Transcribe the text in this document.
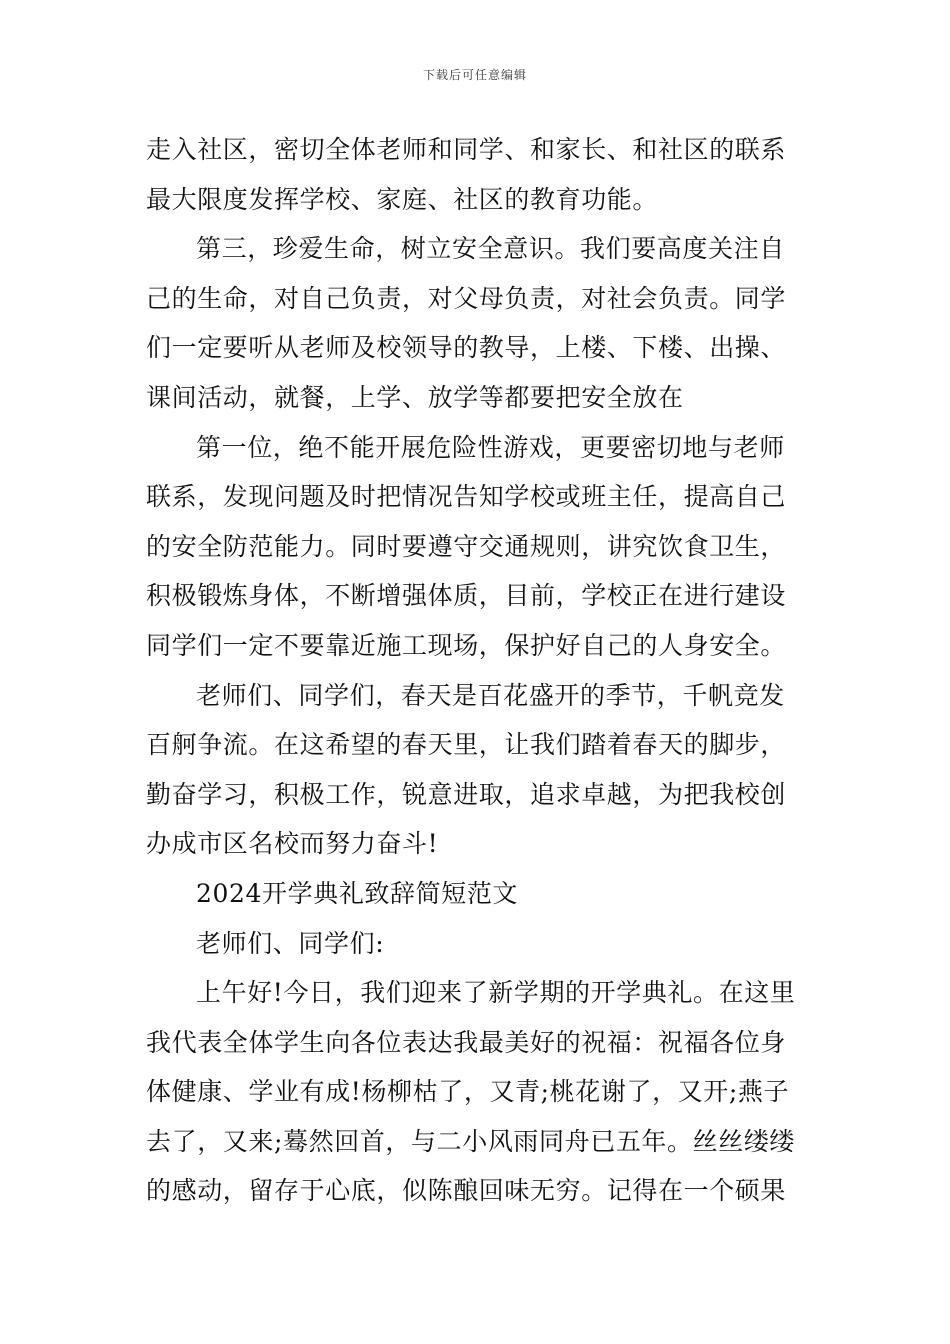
下载后可任意编辑
走入社区，密切全体老师和同学、和家长、和社区的联系
最大限度发挥学校、家庭、社区的教育功能。
第三，珍爱生命，树立安全意识。我们要高度关注自
己的生命，对自己负责，对父母负责，对社会负责。同学
们一定要听从老师及校领导的教导，上楼、下楼、出操、
课间活动，就餐，上学、放学等都要把安全放在
第一位，绝不能开展危险性游戏，更要密切地与老师
联系，发现问题及时把情况告知学校或班主任，提高自己
的安全防范能力。同时要遵守交通规则，讲究饮食卫生，
积极锻炼身体，不断增强体质，目前，学校正在进行建设
同学们一定不要靠近施工现场，保护好自己的人身安全。
老师们、同学们，春天是百花盛开的季节，千帆竞发
百舸争流。在这希望的春天里，让我们踏着春天的脚步，
勤奋学习，积极工作，锐意进取，追求卓越，为把我校创
办成市区名校而努力奋斗!
2024开学典礼致辞简短范文
老师们、同学们:
上午好!今日，我们迎来了新学期的开学典礼。在这里
我代表全体学生向各位表达我最美好的祝福：祝福各位身
体健康、学业有成!杨柳枯了，又青;桃花谢了，又开;燕子
去了，又来;蓦然回首，与二小风雨同舟已五年。丝丝缕缕
的感动，留存于心底，似陈酿回味无穷。记得在一个硕果
